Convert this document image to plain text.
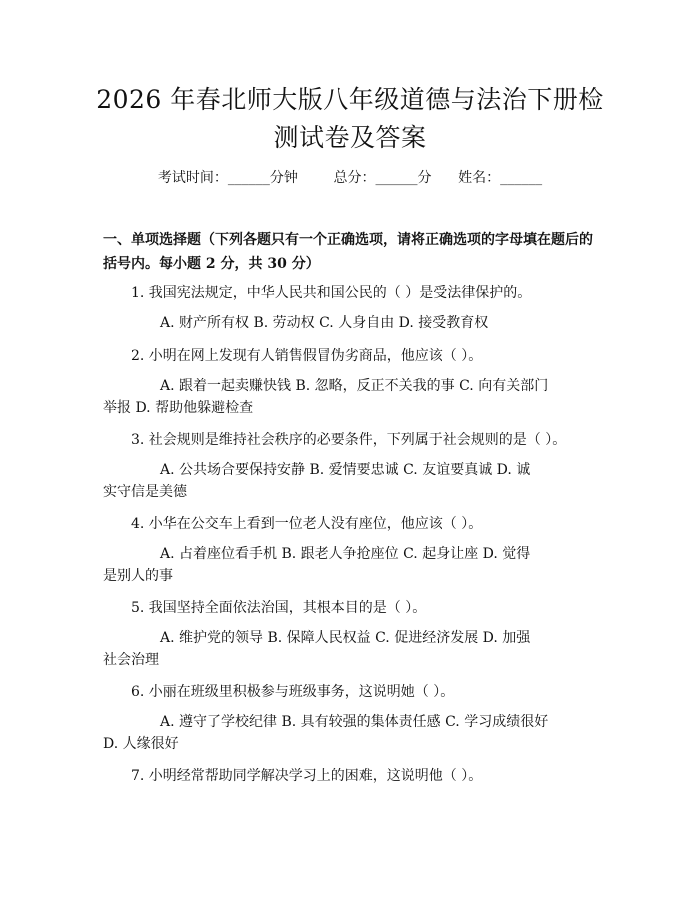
2026 年春北师大版八年级道德与法治下册检
测试卷及答案
考试时间：______分钟	总分：______分 姓名：______
一、单项选择题（下列各题只有一个正确选项，请将正确选项的字母填在题后的括号内。每小题 2 分，共 30 分）
1. 我国宪法规定，中华人民共和国公民的（ ）是受法律保护的。
A. 财产所有权 B. 劳动权 C. 人身自由 D. 接受教育权
2. 小明在网上发现有人销售假冒伪劣商品，他应该（ ）。
A. 跟着一起卖赚快钱 B. 忽略，反正不关我的事 C. 向有关部门
举报 D. 帮助他躲避检查
3. 社会规则是维持社会秩序的必要条件，下列属于社会规则的是（ ）。
A. 公共场合要保持安静 B. 爱情要忠诚 C. 友谊要真诚 D. 诚
实守信是美德
4. 小华在公交车上看到一位老人没有座位，他应该（ ）。
A. 占着座位看手机 B. 跟老人争抢座位 C. 起身让座 D. 觉得
是别人的事
5. 我国坚持全面依法治国，其根本目的是（ ）。
A. 维护党的领导 B. 保障人民权益 C. 促进经济发展 D. 加强
社会治理
6. 小丽在班级里积极参与班级事务，这说明她（ ）。
A. 遵守了学校纪律 B. 具有较强的集体责任感 C. 学习成绩很好
D. 人缘很好
7. 小明经常帮助同学解决学习上的困难，这说明他（ ）。
